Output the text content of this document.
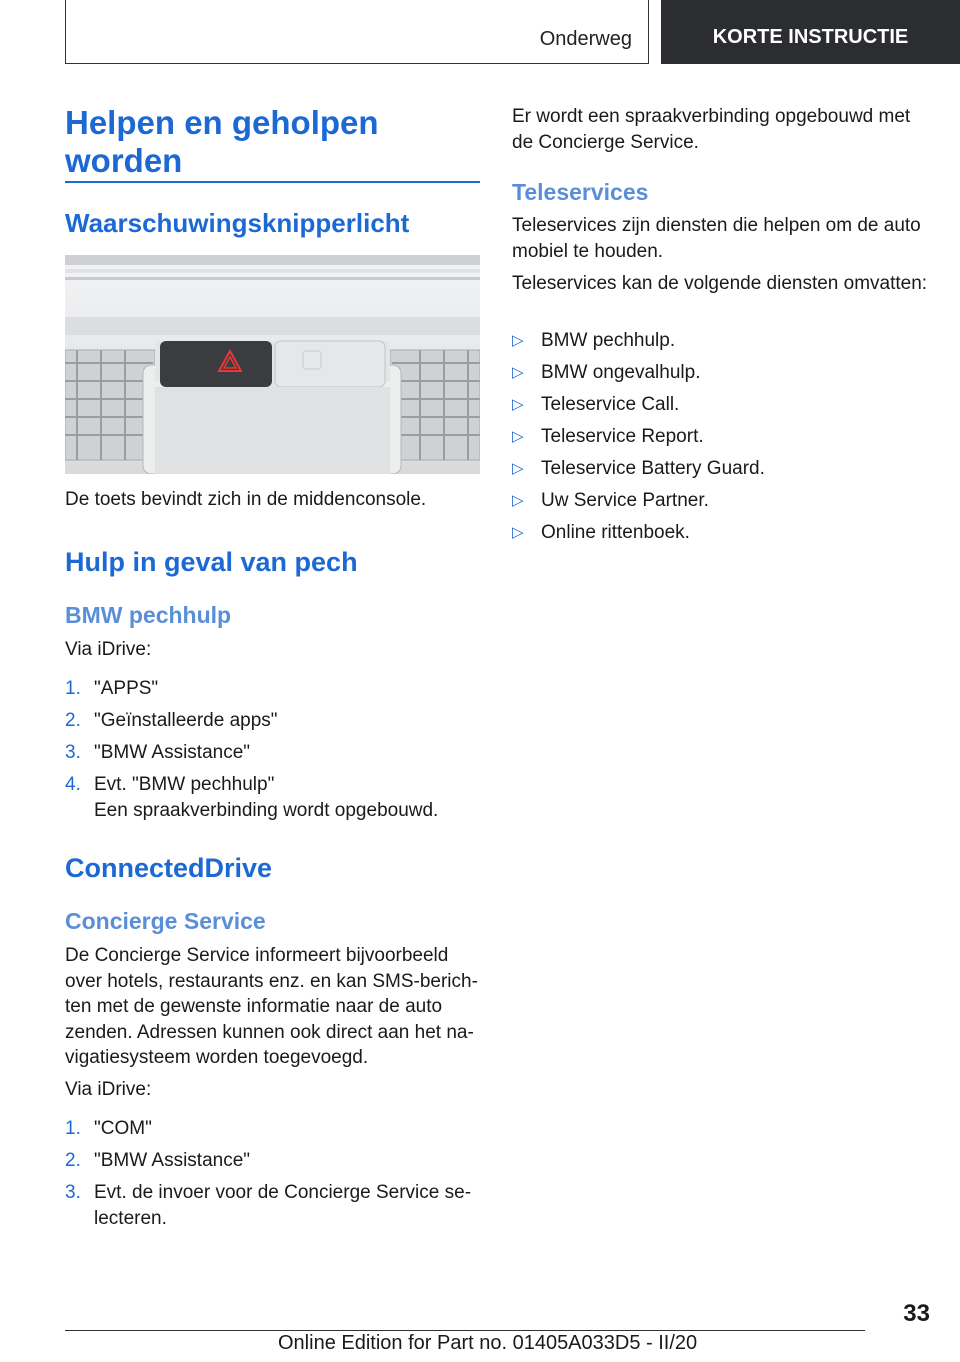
Onderweg	KORTE INSTRUCTIE
Helpen en geholpen worden
Waarschuwingsknipperlicht

De toets bevindt zich in de middenconsole.

Hulp in geval van pech
BMW pechhulp

Via iDrive:

1. "APPS"
2. "Geïnstalleerde apps"
3. "BMW Assistance"
4. Evt. "BMW pechhulp"
Een spraakverbinding wordt opgebouwd.
ConnectedDrive
Concierge Service

De Concierge Service informeert bijvoorbeeld over hotels, restaurants enz. en kan SMS-berichten met de gewenste informatie naar de auto zenden. Adressen kunnen ook direct aan het navigatiesysteem worden toegevoegd.

Via iDrive:

1. "COM"
2. "BMW Assistance"
3. Evt. de invoer voor de Concierge Service selecteren.

Er wordt een spraakverbinding opgebouwd met de Concierge Service.

Teleservices

Teleservices zijn diensten die helpen om de auto mobiel te houden.

Teleservices kan de volgende diensten omvatten:

▷ BMW pechhulp.
▷ BMW ongevalhulp.
▷ Teleservice Call.
▷ Teleservice Report.
▷ Teleservice Battery Guard.
▷ Uw Service Partner.
▷ Online rittenboek.
33
Online Edition for Part no. 01405A033D5 - II/20
